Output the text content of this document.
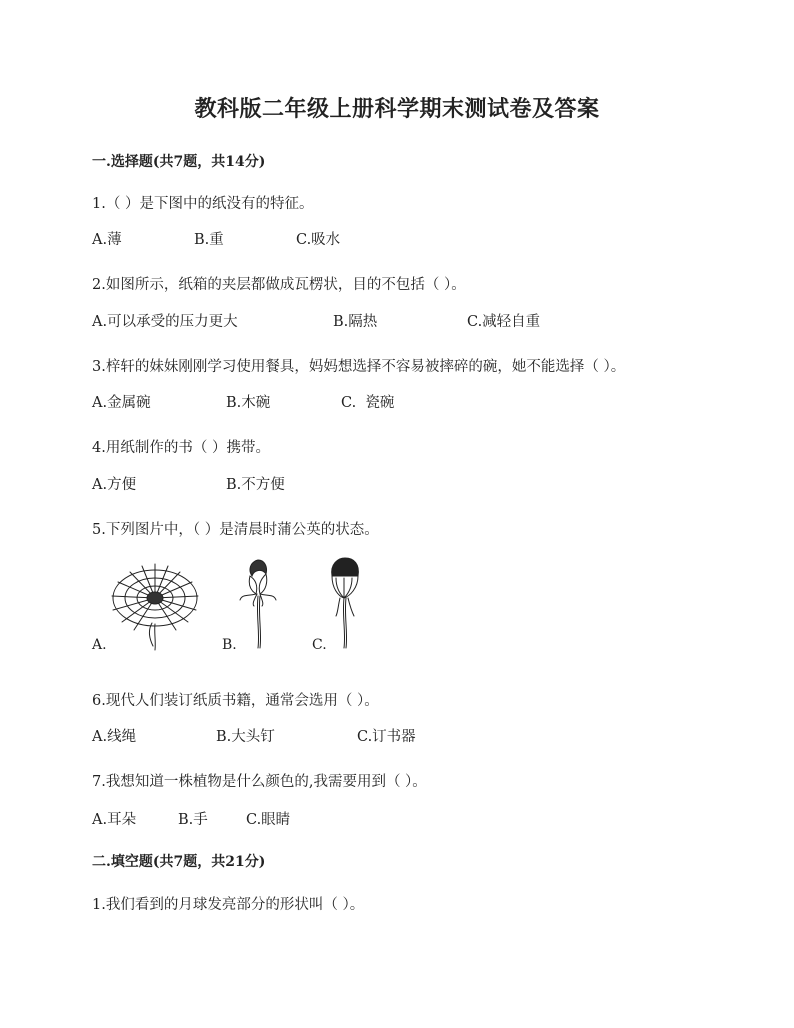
教科版二年级上册科学期末测试卷及答案
一.选择题(共7题，共14分)
1.（ ）是下图中的纸没有的特征。
A.薄	B.重	C.吸水
2.如图所示，纸箱的夹层都做成瓦楞状，目的不包括（ ）。
A.可以承受的压力更大	B.隔热	C.减轻自重
3.梓轩的妹妹刚刚学习使用餐具，妈妈想选择不容易被摔碎的碗，她不能选择（ ）。
A.金属碗	B.木碗	C.  瓷碗
4.用纸制作的书（ ）携带。
A.方便	B.不方便
5.下列图片中，（ ）是清晨时蒲公英的状态。
A.	B.	C.
6.现代人们装订纸质书籍，通常会选用（ ）。
A.线绳	B.大头钉	C.订书器
7.我想知道一株植物是什么颜色的,我需要用到（ ）。
A.耳朵	B.手	C.眼睛
二.填空题(共7题，共21分)
1.我们看到的月球发亮部分的形状叫（ ）。
